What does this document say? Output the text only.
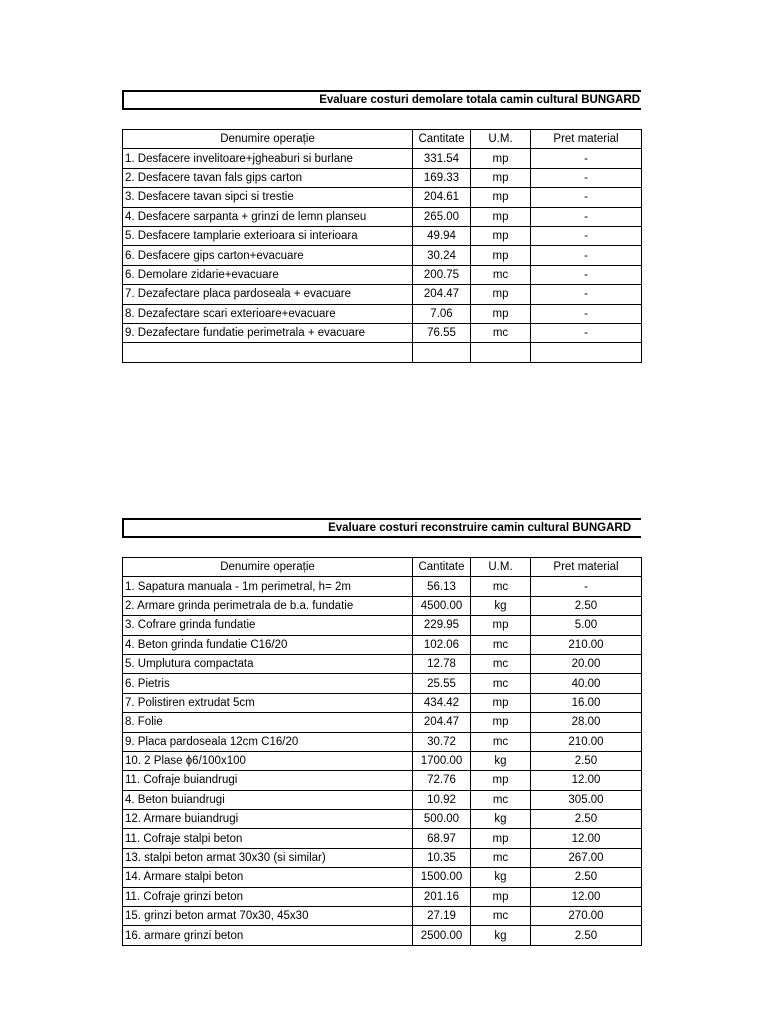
Evaluare costuri demolare totala camin cultural BUNGARD
Denumire operație	Cantitate	U.M.	Pret material
1. Desfacere invelitoare+jgheaburi si burlane	331.54	mp	-
2. Desfacere tavan fals gips carton	169.33	mp	-
3. Desfacere tavan sipci si trestie	204.61	mp	-
4. Desfacere sarpanta + grinzi de lemn planseu	265.00	mp	-
5. Desfacere tamplarie exterioara si interioara	49.94	mp	-
6. Desfacere gips carton+evacuare	30.24	mp	-
6. Demolare zidarie+evacuare	200.75	mc	-
7. Dezafectare placa pardoseala + evacuare	204.47	mp	-
8. Dezafectare scari exterioare+evacuare	7.06	mp	-
9. Dezafectare fundatie perimetrala + evacuare	76.55	mc	-

Evaluare costuri reconstruire camin cultural BUNGARD
Denumire operație	Cantitate	U.M.	Pret material
1. Sapatura manuala - 1m perimetral, h= 2m	56.13	mc	-
2. Armare grinda perimetrala de b.a. fundatie	4500.00	kg	2.50
3. Cofrare grinda fundatie	229.95	mp	5.00
4. Beton grinda fundatie C16/20	102.06	mc	210.00
5. Umplutura compactata	12.78	mc	20.00
6. Pietris	25.55	mc	40.00
7. Polistiren extrudat 5cm	434.42	mp	16.00
8. Folie	204.47	mp	28.00
9. Placa pardoseala 12cm C16/20	30.72	mc	210.00
10. 2 Plase ϕ6/100x100	1700.00	kg	2.50
11. Cofraje buiandrugi	72.76	mp	12.00
4. Beton buiandrugi	10.92	mc	305.00
12. Armare buiandrugi	500.00	kg	2.50
11. Cofraje stalpi beton	68.97	mp	12.00
13. stalpi beton armat 30x30 (si similar)	10.35	mc	267.00
14. Armare stalpi beton	1500.00	kg	2.50
11. Cofraje grinzi beton	201.16	mp	12.00
15. grinzi beton armat 70x30, 45x30	27.19	mc	270.00
16. armare grinzi beton	2500.00	kg	2.50
